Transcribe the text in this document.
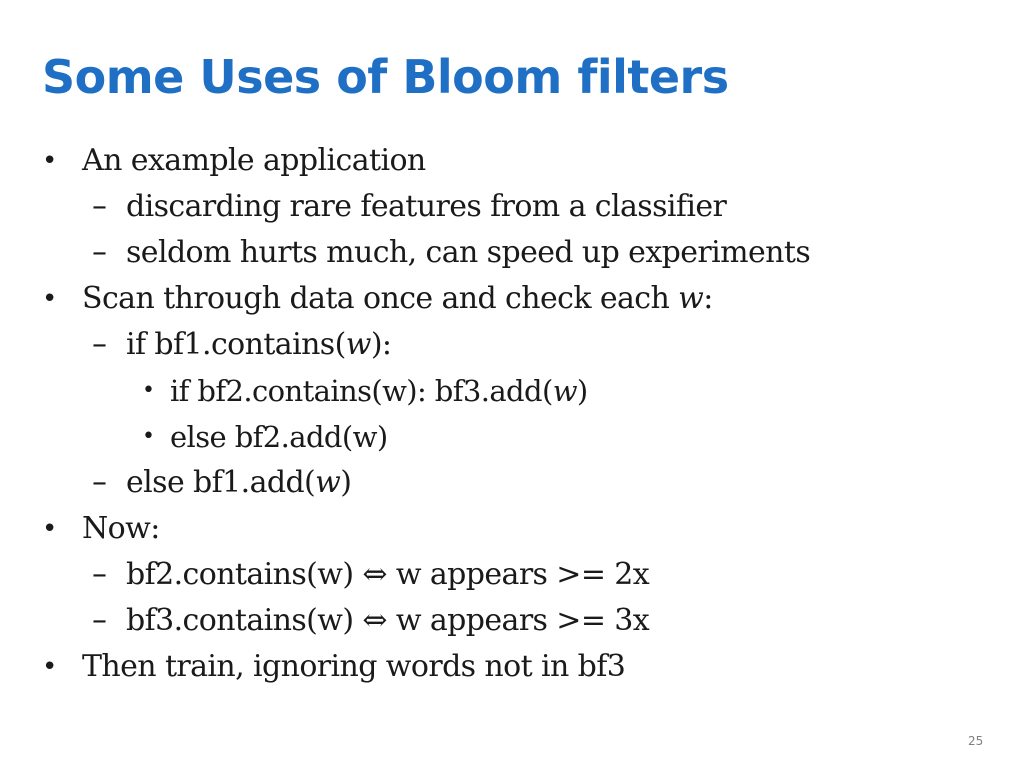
Some Uses of Bloom filters
• An example application
– discarding rare features from a classifier
– seldom hurts much, can speed up experiments
• Scan through data once and check each w:
– if bf1.contains(w):
• if bf2.contains(w): bf3.add(w)
• else bf2.add(w)
– else bf1.add(w)
• Now:
– bf2.contains(w) ⇔ w appears >= 2x
– bf3.contains(w) ⇔ w appears >= 3x
• Then train, ignoring words not in bf3
25
